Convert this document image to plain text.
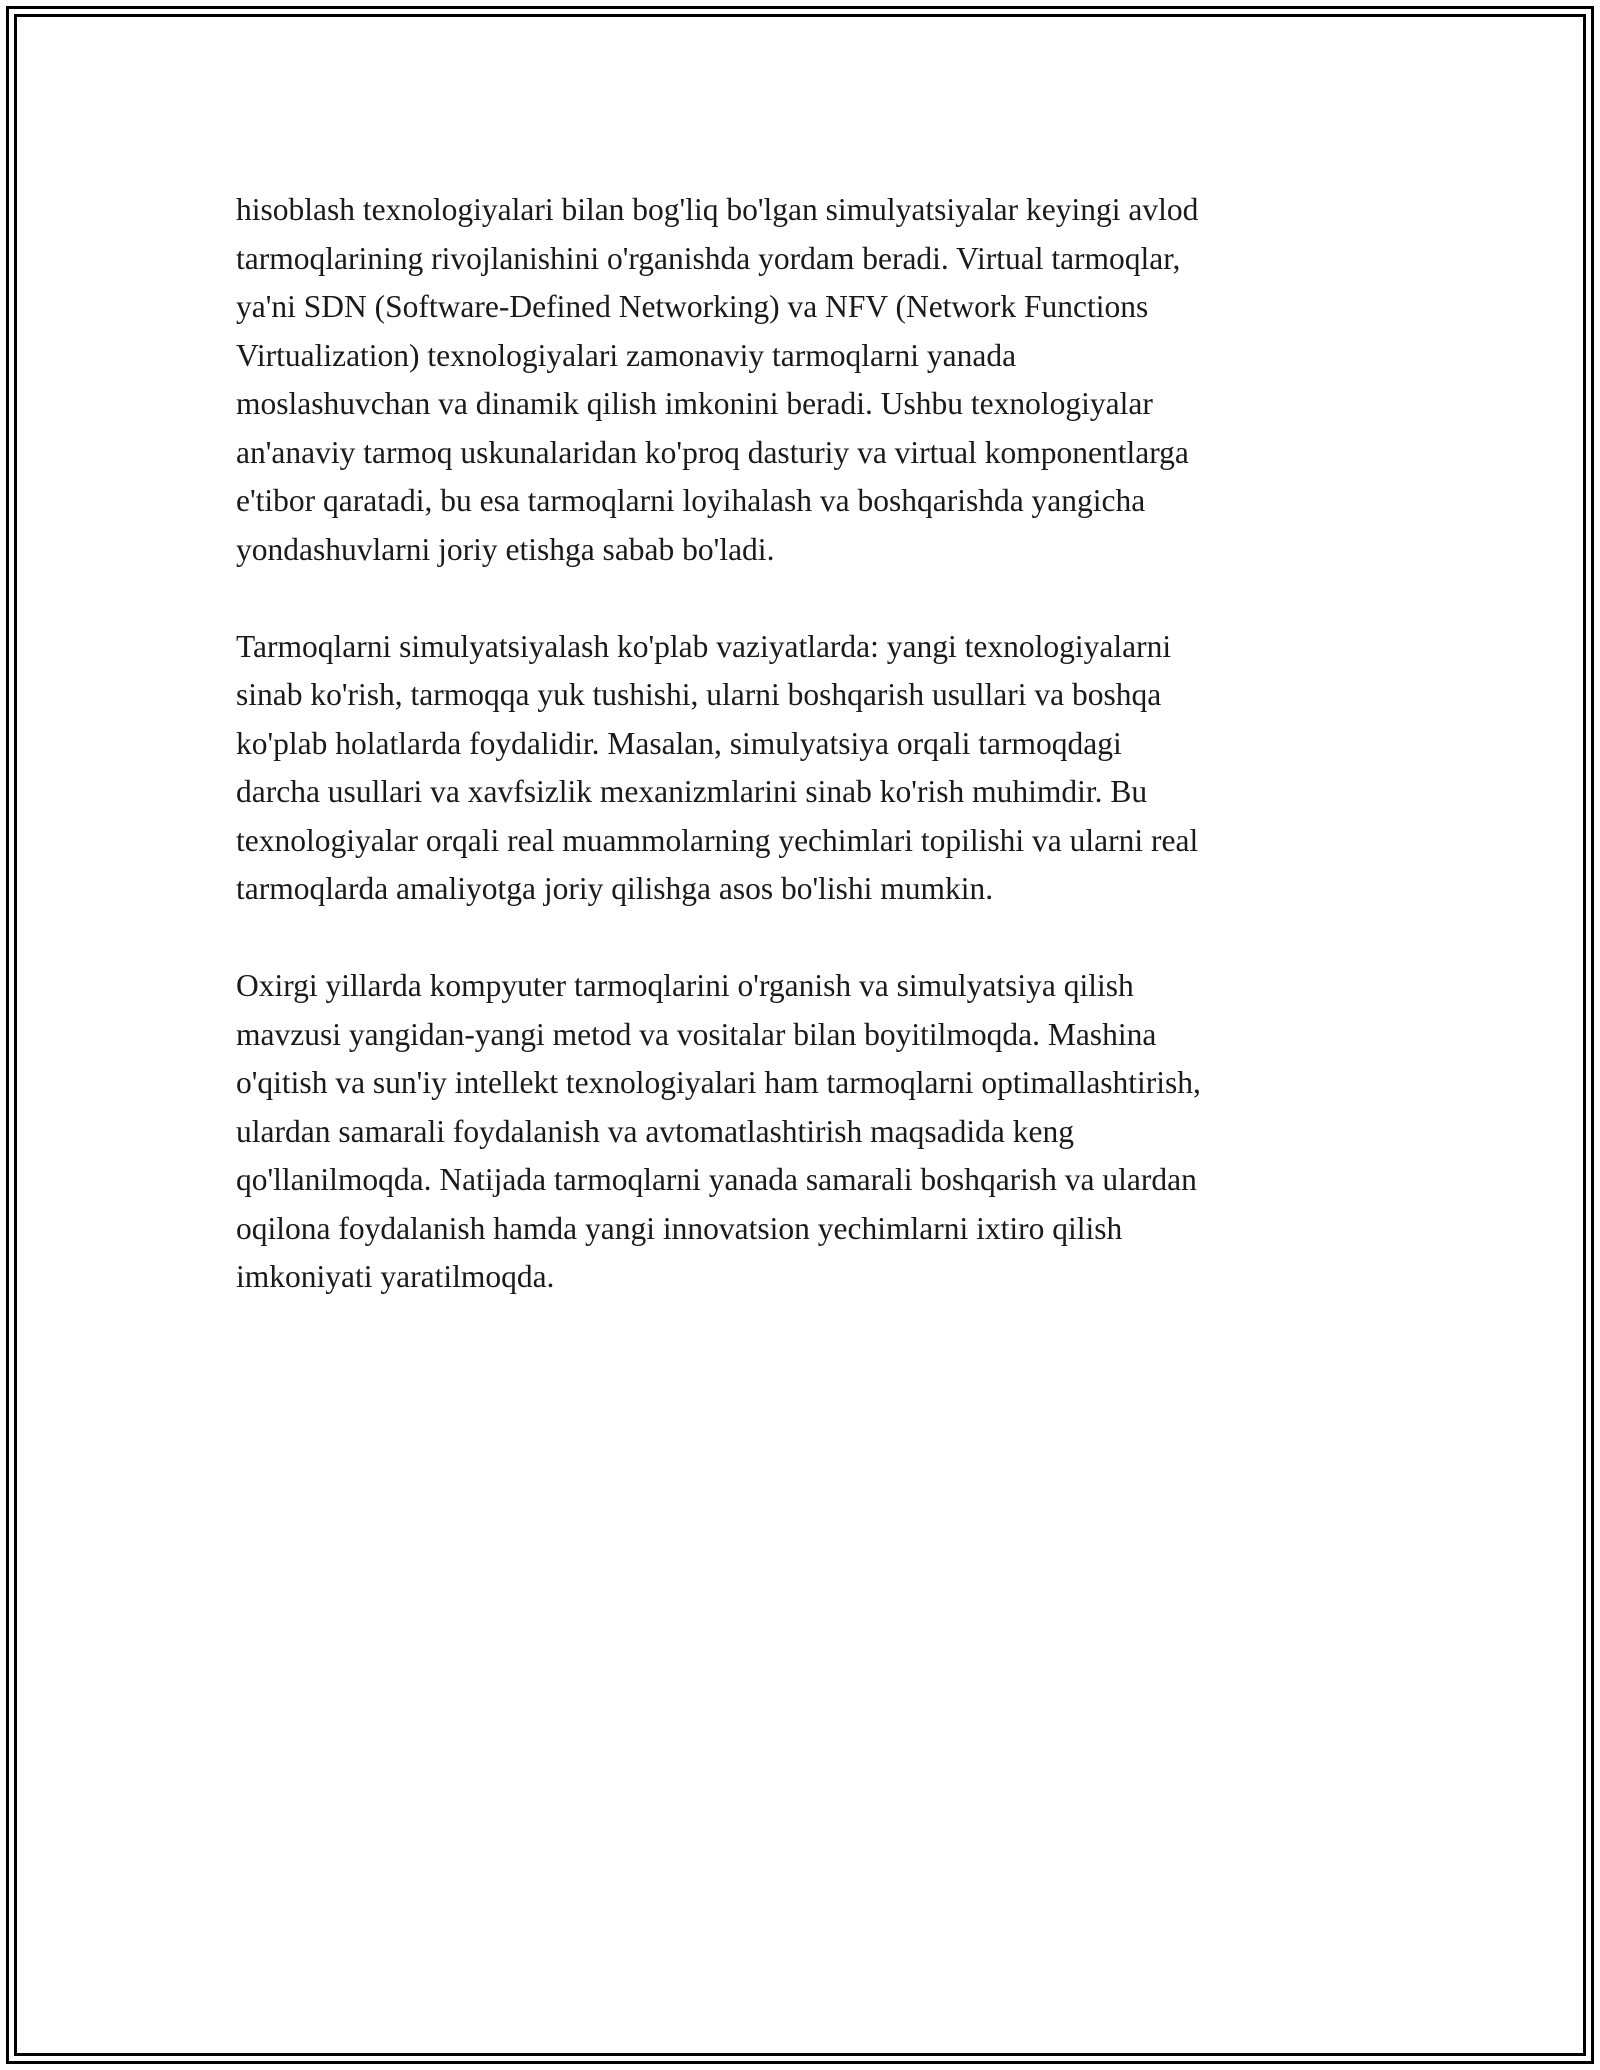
hisoblash texnologiyalari bilan bog'liq bo'lgan simulyatsiyalar keyingi avlod
tarmoqlarining rivojlanishini o'rganishda yordam beradi. Virtual tarmoqlar,
ya'ni SDN (Software-Defined Networking) va NFV (Network Functions
Virtualization) texnologiyalari zamonaviy tarmoqlarni yanada
moslashuvchan va dinamik qilish imkonini beradi. Ushbu texnologiyalar
an'anaviy tarmoq uskunalaridan ko'proq dasturiy va virtual komponentlarga
e'tibor qaratadi, bu esa tarmoqlarni loyihalash va boshqarishda yangicha
yondashuvlarni joriy etishga sabab bo'ladi.

Tarmoqlarni simulyatsiyalash ko'plab vaziyatlarda: yangi texnologiyalarni
sinab ko'rish, tarmoqqa yuk tushishi, ularni boshqarish usullari va boshqa
ko'plab holatlarda foydalidir. Masalan, simulyatsiya orqali tarmoqdagi
darcha usullari va xavfsizlik mexanizmlarini sinab ko'rish muhimdir. Bu
texnologiyalar orqali real muammolarning yechimlari topilishi va ularni real
tarmoqlarda amaliyotga joriy qilishga asos bo'lishi mumkin.

Oxirgi yillarda kompyuter tarmoqlarini o'rganish va simulyatsiya qilish
mavzusi yangidan-yangi metod va vositalar bilan boyitilmoqda. Mashina
o'qitish va sun'iy intellekt texnologiyalari ham tarmoqlarni optimallashtirish,
ulardan samarali foydalanish va avtomatlashtirish maqsadida keng
qo'llanilmoqda. Natijada tarmoqlarni yanada samarali boshqarish va ulardan
oqilona foydalanish hamda yangi innovatsion yechimlarni ixtiro qilish
imkoniyati yaratilmoqda.
